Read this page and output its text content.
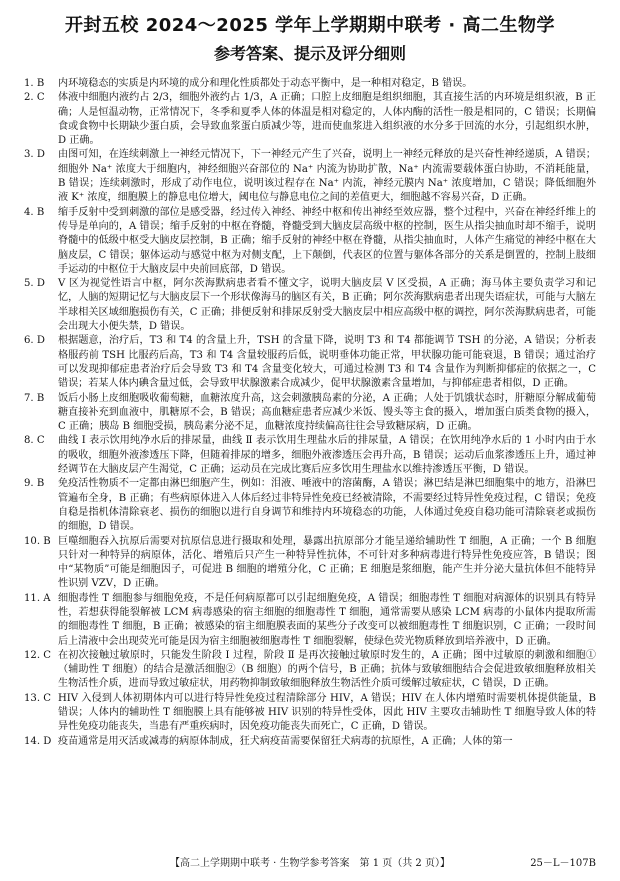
开封五校 2024～2025 学年上学期期中联考 · 高二生物学
参考答案、提示及评分细则
1. B	内环境稳态的实质是内环境的成分和理化性质都处于动态平衡中，是一种相对稳定，B 错误。
2. C	体液中细胞内液约占 2/3，细胞外液约占 1/3，A 正确；口腔上皮细胞是组织细胞，其直接生活的内环境是组织液，B 正确；人是恒温动物，正常情况下，冬季和夏季人体的体温是相对稳定的，人体内酶的活性一般是相同的，C 错误；长期偏食或食物中长期缺少蛋白质，会导致血浆蛋白质减少等，进而使血浆进入组织液的水分多于回流的水分，引起组织水肿，D 正确。
3. D	由图可知，在连续刺激上一神经元情况下，下一神经元产生了兴奋，说明上一神经元释放的是兴奋性神经递质，A 错误；细胞外 Na⁺ 浓度大于细胞内，神经细胞兴奋部位的 Na⁺ 内流为协助扩散，Na⁺ 内流需要载体蛋白协助，不消耗能量，B 错误；连续刺激时，形成了动作电位，说明该过程存在 Na⁺ 内流，神经元膜内 Na⁺ 浓度增加，C 错误；降低细胞外液 K⁺ 浓度，细胞膜上的静息电位增大，阈电位与静息电位之间的差值更大，细胞越不容易兴奋，D 正确。
4. B	缩手反射中受到刺激的部位是感受器，经过传入神经、神经中枢和传出神经至效应器，整个过程中，兴奋在神经纤维上的传导是单向的，A 错误；缩手反射的中枢在脊髓，脊髓受到大脑皮层高级中枢的控制，医生从指尖抽血时却不缩手，说明脊髓中的低级中枢受大脑皮层控制，B 正确；缩手反射的神经中枢在脊髓，从指尖抽血时，人体产生痛觉的神经中枢在大脑皮层，C 错误；躯体运动与感觉中枢为对侧支配，上下颠倒，代表区的位置与躯体各部分的关系是倒置的，控制上肢细手运动的中枢位于大脑皮层中央前回底部，D 错误。
5. D	V 区为视觉性语言中枢，阿尔茨海默病患者看不懂文字，说明大脑皮层 V 区受损，A 正确；海马体主要负责学习和记忆，人脑的短期记忆与大脑皮层下一个形状像海马的脑区有关，B 正确；阿尔茨海默病患者出现失语症状，可能与大脑左半球相关区域细胞损伤有关，C 正确；排便反射和排尿反射受大脑皮层中相应高级中枢的调控，阿尔茨海默病患者，可能会出现大小便失禁，D 错误。
6. D	根据题意，治疗后，T3 和 T4 的含量上升，TSH 的含量下降，说明 T3 和 T4 都能调节 TSH 的分泌，A 错误；分析表格服药前 TSH 比服药后高，T3 和 T4 含量较服药后低，说明垂体功能正常，甲状腺功能可能衰退，B 错误；通过治疗可以发现抑郁症患者治疗后会导致 T3 和 T4 含量变化较大，可通过检测 T3 和 T4 含量作为判断抑郁症的依据之一，C 错误；若某人体内碘含量过低，会导致甲状腺激素合成减少，促甲状腺激素含量增加，与抑郁症患者相似，D 正确。
7. B	饭后小肠上皮细胞吸收葡萄糖，血糖浓度升高，这会刺激胰岛素的分泌，A 正确；人处于饥饿状态时，肝糖原分解成葡萄糖直接补充到血液中，肌糖原不会，B 错误；高血糖症患者应减少米饭、馒头等主食的摄入，增加蛋白质类食物的摄入，C 正确；胰岛 B 细胞受损，胰岛素分泌不足，血糖浓度持续偏高往往会导致糖尿病，D 正确。
8. C	曲线 Ⅰ 表示饮用纯净水后的排尿量，曲线 Ⅱ 表示饮用生理盐水后的排尿量，A 错误；在饮用纯净水后的 1 小时内由于水的吸收，细胞外液渗透压下降，但随着排尿的增多，细胞外液渗透压会再升高，B 错误；运动后血浆渗透压上升，通过神经调节在大脑皮层产生渴觉，C 正确；运动员在完成比赛后应多饮用生理盐水以维持渗透压平衡，D 错误。
9. B	免疫活性物质不一定都由淋巴细胞产生，例如：泪液、唾液中的溶菌酶，A 错误；淋巴结是淋巴细胞集中的地方，沿淋巴管遍布全身，B 正确；有些病原体进入人体后经过非特异性免疫已经被清除，不需要经过特异性免疫过程，C 错误；免疫自稳是指机体清除衰老、损伤的细胞以进行自身调节和维持内环境稳态的功能，人体通过免疫自稳功能可清除衰老或损伤的细胞，D 错误。
10. B 巨噬细胞吞入抗原后需要对抗原信息进行摄取和处理，暴露出抗原部分才能呈递给辅助性 T 细胞，A 正确；一个 B 细胞只针对一种特异的病原体，活化、增殖后只产生一种特异性抗体，不可针对多种病毒进行特异性免疫应答，B 错误；图中“某物质”可能是细胞因子，可促进 B 细胞的增殖分化，C 正确；E 细胞是浆细胞，能产生并分泌大量抗体但不能特异性识别 VZV，D 正确。
11. A 细胞毒性 T 细胞参与细胞免疫，不是任何病原都可以引起细胞免疫，A 错误；细胞毒性 T 细胞对病源体的识别具有特异性，若想获得能裂解被 LCM 病毒感染的宿主细胞的细胞毒性 T 细胞，通常需要从感染 LCM 病毒的小鼠体内提取所需的细胞毒性 T 细胞，B 正确；被感染的宿主细胞膜表面的某些分子改变可以被细胞毒性 T 细胞识别，C 正确；一段时间后上清液中会出现荧光可能是因为宿主细胞被细胞毒性 T 细胞裂解，使绿色荧光物质释放到培养液中，D 正确。
12. C 在初次接触过敏原时，只能发生阶段 Ⅰ 过程，阶段 Ⅱ 是再次接触过敏原时发生的，A 正确；图中过敏原的刺激和细胞①（辅助性 T 细胞）的结合是激活细胞②（B 细胞）的两个信号，B 正确；抗体与致敏细胞结合会促进致敏细胞释放相关生物活性介质，进而导致过敏症状，用药物抑制致敏细胞释放生物活性介质可缓解过敏症状，C 错误，D 正确。
13. C HIV 入侵到人体初期体内可以进行特异性免疫过程清除部分 HIV，A 错误；HIV 在人体内增殖时需要机体提供能量，B 错误；人体内的辅助性 T 细胞膜上具有能够被 HIV 识别的特异性受体，因此 HIV 主要攻击辅助性 T 细胞导致人体的特异性免疫功能丧失，当患有严重疾病时，因免疫功能丧失而死亡，C 正确，D 错误。
14. D 疫苗通常是用灭活或减毒的病原体制成，狂犬病疫苗需要保留狂犬病毒的抗原性，A 正确；人体的第一
【高二上学期期中联考 · 生物学参考答案　第 1 页（共 2 页）】	25－L－107B
